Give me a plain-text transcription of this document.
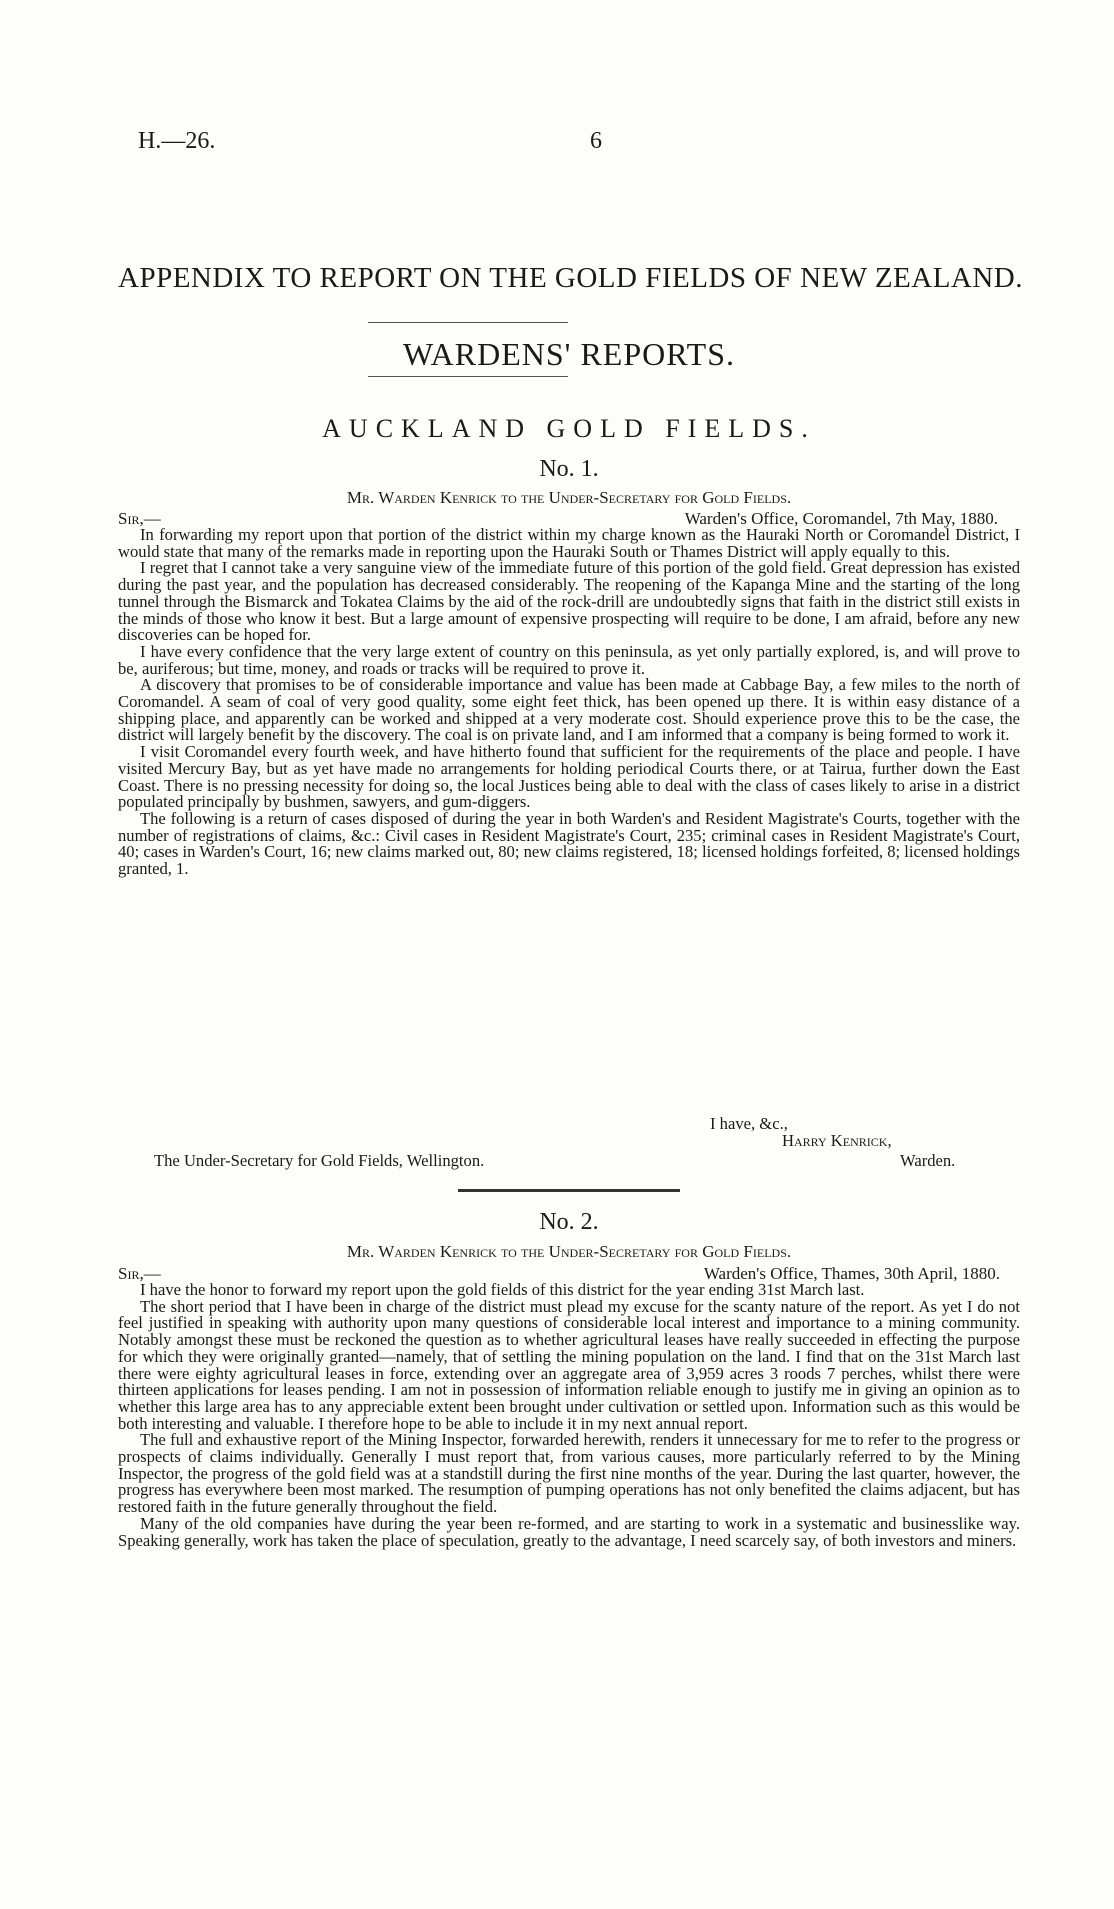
H.—26.	6
APPENDIX TO REPORT ON THE GOLD FIELDS OF NEW ZEALAND.
WARDENS' REPORTS.
AUCKLAND GOLD FIELDS.
No. 1.
Mr. Warden Kenrick to the Under-Secretary for Gold Fields.
Sir,—	Warden's Office, Coromandel, 7th May, 1880.

In forwarding my report upon that portion of the district within my charge known as the Hauraki North or Coromandel District, I would state that many of the remarks made in reporting upon the Hauraki South or Thames District will apply equally to this.

I regret that I cannot take a very sanguine view of the immediate future of this portion of the gold field. Great depression has existed during the past year, and the population has decreased considerably. The reopening of the Kapanga Mine and the starting of the long tunnel through the Bismarck and Tokatea Claims by the aid of the rock-drill are undoubtedly signs that faith in the district still exists in the minds of those who know it best. But a large amount of expensive prospecting will require to be done, I am afraid, before any new discoveries can be hoped for.

I have every confidence that the very large extent of country on this peninsula, as yet only partially explored, is, and will prove to be, auriferous; but time, money, and roads or tracks will be required to prove it.

A discovery that promises to be of considerable importance and value has been made at Cabbage Bay, a few miles to the north of Coromandel. A seam of coal of very good quality, some eight feet thick, has been opened up there. It is within easy distance of a shipping place, and apparently can be worked and shipped at a very moderate cost. Should experience prove this to be the case, the district will largely benefit by the discovery. The coal is on private land, and I am informed that a company is being formed to work it.

I visit Coromandel every fourth week, and have hitherto found that sufficient for the requirements of the place and people. I have visited Mercury Bay, but as yet have made no arrangements for holding periodical Courts there, or at Tairua, further down the East Coast. There is no pressing necessity for doing so, the local Justices being able to deal with the class of cases likely to arise in a district populated principally by bushmen, sawyers, and gum-diggers.

The following is a return of cases disposed of during the year in both Warden's and Resident Magistrate's Courts, together with the number of registrations of claims, &c.: Civil cases in Resident Magistrate's Court, 235; criminal cases in Resident Magistrate's Court, 40; cases in Warden's Court, 16; new claims marked out, 80; new claims registered, 18; licensed holdings forfeited, 8; licensed holdings granted, 1.

I have, &c.,
Harry Kenrick,
The Under-Secretary for Gold Fields, Wellington.	Warden.
No. 2.
Mr. Warden Kenrick to the Under-Secretary for Gold Fields.
Sir,—	Warden's Office, Thames, 30th April, 1880.

I have the honor to forward my report upon the gold fields of this district for the year ending 31st March last.

The short period that I have been in charge of the district must plead my excuse for the scanty nature of the report. As yet I do not feel justified in speaking with authority upon many questions of considerable local interest and importance to a mining community. Notably amongst these must be reckoned the question as to whether agricultural leases have really succeeded in effecting the purpose for which they were originally granted—namely, that of settling the mining population on the land. I find that on the 31st March last there were eighty agricultural leases in force, extending over an aggregate area of 3,959 acres 3 roods 7 perches, whilst there were thirteen applications for leases pending. I am not in possession of information reliable enough to justify me in giving an opinion as to whether this large area has to any appreciable extent been brought under cultivation or settled upon. Information such as this would be both interesting and valuable. I therefore hope to be able to include it in my next annual report.

The full and exhaustive report of the Mining Inspector, forwarded herewith, renders it unnecessary for me to refer to the progress or prospects of claims individually. Generally I must report that, from various causes, more particularly referred to by the Mining Inspector, the progress of the gold field was at a standstill during the first nine months of the year. During the last quarter, however, the progress has everywhere been most marked. The resumption of pumping operations has not only benefited the claims adjacent, but has restored faith in the future generally throughout the field.

Many of the old companies have during the year been re-formed, and are starting to work in a systematic and businesslike way. Speaking generally, work has taken the place of speculation, greatly to the advantage, I need scarcely say, of both investors and miners.
